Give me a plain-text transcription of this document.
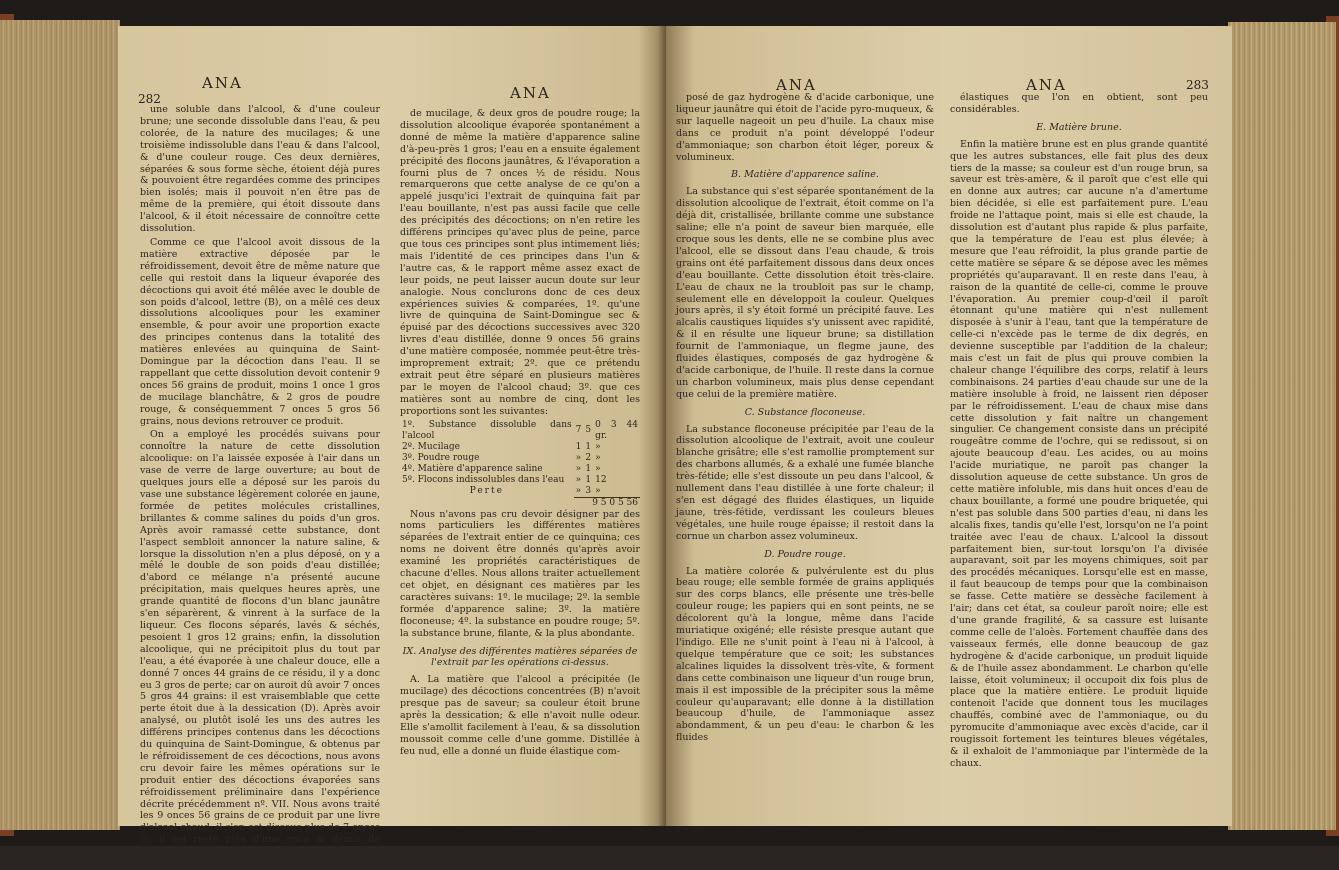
282
ANA
ANA

une soluble dans l'alcool, & d'une couleur brune; une seconde dissoluble dans l'eau, & peu colorée, de la nature des mucilages; & une troisième indissoluble dans l'eau & dans l'alcool, & d'une couleur rouge. Ces deux dernières, séparées & sous forme sèche, étoient déjà pures & pouvoient être regardées comme des principes bien isolés; mais il pouvoit n'en être pas de même de la première, qui étoit dissoute dans l'alcool, & il étoit nécessaire de connoître cette dissolution.

Comme ce que l'alcool avoit dissous de la matière extractive déposée par le réfroidissement, devoit être de même nature que celle qui restoit dans la liqueur évaporée des décoctions qui avoit été mêlée avec le double de son poids d'alcool, lettre (B), on a mêlé ces deux dissolutions alcooliques pour les examiner ensemble, & pour avoir une proportion exacte des principes contenus dans la totalité des matières enlevées au quinquina de Saint-Domingue par la décoction dans l'eau. Il se rappellant que cette dissolution devoit contenir 9 onces 56 grains de produit, moins 1 once 1 gros de mucilage blanchâtre, & 2 gros de poudre rouge, & conséquemment 7 onces 5 gros 56 grains, nous devions retrouver ce produit.

On a employé les procédés suivans pour connoître la nature de cette dissolution alcoolique: on l'a laissée exposée à l'air dans un vase de verre de large ouverture; au bout de quelques jours elle a déposé sur les parois du vase une substance légèrement colorée en jaune, formée de petites molécules cristallines, brillantes & comme salines du poids d'un gros. Après avoir ramassé cette substance, dont l'aspect sembloit annoncer la nature saline, & lorsque la dissolution n'en a plus déposé, on y a mêlé le double de son poids d'eau distillée; d'abord ce mélange n'a présenté aucune précipitation, mais quelques heures après, une grande quantité de flocons d'un blanc jaunâtre s'en séparèrent, & vinrent à la surface de la liqueur. Ces flocons séparés, lavés & séchés, pesoient 1 gros 12 grains; enfin, la dissolution alcoolique, qui ne précipitoit plus du tout par l'eau, a été évaporée à une chaleur douce, elle a donné 7 onces 44 grains de ce résidu, il y a donc eu 3 gros de perte; car on auroit dû avoir 7 onces 5 gros 44 grains: il est vraisemblable que cette perte étoit due à la dessication (D). Après avoir analysé, ou plutôt isolé les uns des autres les différens principes contenus dans les décoctions du quinquina de Saint-Domingue, & obtenus par le réfroidissement de ces décoctions, nous avons cru devoir faire les mêmes opérations sur le produit entier des décoctions évaporées sans réfroidissement préliminaire dans l'expérience décrite précédemment nº. VII. Nous avons traité les 9 onces 56 grains de ce produit par une livre d'alcool chaud; il s'en est dissous plus de 7 onces ½; il est resté près d'une once & demie de matière indissoluble, de laquelle nous avons séparé à-peu-près une once

de mucilage, & deux gros de poudre rouge; la dissolution alcoolique évaporée spontanément a donné de même la matière d'apparence saline d'à-peu-près 1 gros; l'eau en a ensuite également précipité des flocons jaunâtres, & l'évaporation a fourni plus de 7 onces ½ de résidu. Nous remarquerons que cette analyse de ce qu'on a appelé jusqu'ici l'extrait de quinquina fait par l'eau bouillante, n'est pas aussi facile que celle des précipités des décoctions; on n'en retire les différens principes qu'avec plus de peine, parce que tous ces principes sont plus intimement liés; mais l'identité de ces principes dans l'un & l'autre cas, & le rapport même assez exact de leur poids, ne peut laisser aucun doute sur leur analogie. Nous conclurons donc de ces deux expériences suivies & comparées, 1º. qu'une livre de quinquina de Saint-Domingue sec & épuisé par des décoctions successives avec 320 livres d'eau distillée, donne 9 onces 56 grains d'une matière composée, nommée peut-être très-improprement extrait; 2º. que ce prétendu extrait peut être séparé en plusieurs matières par le moyen de l'alcool chaud; 3º. que ces matières sont au nombre de cinq, dont les proportions sont les suivantes:

1º. Substance dissoluble dans l'alcool	7	5	0 3 44 gr.
2º. Mucilage	1	1	»
3º. Poudre rouge	»	2	»
4º. Matière d'apparence saline	»	1	»
5º. Flocons indissolubles dans l'eau	»	1	12
Perte	»	3	»
	9 5 0 5 56		

Nous n'avons pas cru devoir désigner par des noms particuliers les différentes matières séparées de l'extrait entier de ce quinquina; ces noms ne doivent être donnés qu'après avoir examiné les propriétés caractéristiques de chacune d'elles. Nous allons traiter actuellement cet objet, en désignant ces matières par les caractères suivans: 1º. le mucilage; 2º. la semble formée d'apparence saline; 3º. la matière floconeuse; 4º. la substance en poudre rouge; 5º. la substance brune, filante, & la plus abondante.

IX. Analyse des différentes matières séparées de l'extrait par les opérations ci-dessus.

A. La matière que l'alcool a précipitée (le mucilage) des décoctions concentrées (B) n'avoit presque pas de saveur; sa couleur étoit brune après la dessication; & elle n'avoit nulle odeur. Elle s'amollit facilement à l'eau, & sa dissolution moussoit comme celle d'une gomme. Distillée à feu nud, elle a donné un fluide élastique com-

ANA	ANA	283

posé de gaz hydrogène & d'acide carbonique, une liqueur jaunâtre qui étoit de l'acide pyro-muqueux, & sur laquelle nageoit un peu d'huile. La chaux mise dans ce produit n'a point développé l'odeur d'ammoniaque; son charbon étoit léger, poreux & volumineux.

B. Matière d'apparence saline.

La substance qui s'est séparée spontanément de la dissolution alcoolique de l'extrait, étoit comme on l'a déjà dit, cristallisée, brillante comme une substance saline; elle n'a point de saveur bien marquée, elle croque sous les dents, elle ne se combine plus avec l'alcool, elle se dissout dans l'eau chaude, & trois grains ont été parfaitement dissous dans deux onces d'eau bouillante. Cette dissolution étoit très-claire. L'eau de chaux ne la troubloit pas sur le champ, seulement elle en développoit la couleur. Quelques jours après, il s'y étoit formé un précipité fauve. Les alcalis caustiques liquides s'y unissent avec rapidité, & il en résulte une liqueur brune; sa distillation fournit de l'ammoniaque, un flegme jaune, des fluides élastiques, composés de gaz hydrogène & d'acide carbonique, de l'huile. Il reste dans la cornue un charbon volumineux, mais plus dense cependant que celui de la première matière.

C. Substance floconeuse.

La substance floconeuse précipitée par l'eau de la dissolution alcoolique de l'extrait, avoit une couleur blanche grisâtre; elle s'est ramollie promptement sur des charbons allumés, & a exhalé une fumée blanche très-fétide; elle s'est dissoute un peu dans l'alcool, & nullement dans l'eau distillée à une forte chaleur; il s'en est dégagé des fluides élastiques, un liquide jaune, très-fétide, verdissant les couleurs bleues végétales, une huile rouge épaisse; il restoit dans la cornue un charbon assez volumineux.

D. Poudre rouge.

La matière colorée & pulvérulente est du plus beau rouge; elle semble formée de grains appliqués sur des corps blancs, elle présente une très-belle couleur rouge; les papiers qui en sont peints, ne se décolorent qu'à la longue, même dans l'acide muriatique oxigéné; elle résiste presque autant que l'indigo. Elle ne s'unit point à l'eau ni à l'alcool, à quelque température que ce soit; les substances alcalines liquides la dissolvent très-vîte, & forment dans cette combinaison une liqueur d'un rouge brun, mais il est impossible de la précipiter sous la même couleur qu'auparavant; elle donne à la distillation beaucoup d'huile, de l'ammoniaque assez abondamment, & un peu d'eau: le charbon & les fluides

élastiques que l'on en obtient, sont peu considérables.

E. Matière brune.

Enfin la matière brune est en plus grande quantité que les autres substances, elle fait plus des deux tiers de la masse; sa couleur est d'un rouge brun, sa saveur est très-amère, & il paroît que c'est elle qui en donne aux autres; car aucune n'a d'amertume bien décidée, si elle est parfaitement pure. L'eau froide ne l'attaque point, mais si elle est chaude, la dissolution est d'autant plus rapide & plus parfaite, que la température de l'eau est plus élevée; à mesure que l'eau réfroidit, la plus grande partie de cette matière se sépare & se dépose avec les mêmes propriétés qu'auparavant. Il en reste dans l'eau, à raison de la quantité de celle-ci, comme le prouve l'évaporation. Au premier coup-d'œil il paroît étonnant qu'une matière qui n'est nullement disposée à s'unir à l'eau, tant que la température de celle-ci n'excède pas le terme de dix degrés, en devienne susceptible par l'addition de la chaleur; mais c'est un fait de plus qui prouve combien la chaleur change l'équilibre des corps, relatif à leurs combinaisons. 24 parties d'eau chaude sur une de la matière insoluble à froid, ne laissent rien déposer par le réfroidissement. L'eau de chaux mise dans cette dissolution y fait naître un changement singulier. Ce changement consiste dans un précipité rougeâtre comme de l'ochre, qui se redissout, si on ajoute beaucoup d'eau. Les acides, ou au moins l'acide muriatique, ne paroît pas changer la dissolution aqueuse de cette substance. Un gros de cette matière infoluble, mis dans huit onces d'eau de chaux bouillante, a formé une poudre briquetée, qui n'est pas soluble dans 500 parties d'eau, ni dans les alcalis fixes, tandis qu'elle l'est, lorsqu'on ne l'a point traitée avec l'eau de chaux. L'alcool la dissout parfaitement bien, sur-tout lorsqu'on l'a divisée auparavant, soit par les moyens chimiques, soit par des procédés mécaniques. Lorsqu'elle est en masse, il faut beaucoup de temps pour que la combinaison se fasse. Cette matière se dessèche facilement à l'air; dans cet état, sa couleur paroît noire; elle est d'une grande fragilité, & sa cassure est luisante comme celle de l'aloès. Fortement chauffée dans des vaisseaux fermés, elle donne beaucoup de gaz hydrogène & d'acide carbonique, un produit liquide & de l'huile assez abondamment. Le charbon qu'elle laisse, étoit volumineux; il occupoit dix fois plus de place que la matière entière. Le produit liquide contenoit l'acide que donnent tous les mucilages chauffés, combiné avec de l'ammoniaque, ou du pyromucite d'ammoniaque avec excès d'acide, car il rougissoit fortement les teintures bleues végétales, & il exhaloit de l'ammoniaque par l'intermède de la chaux.
